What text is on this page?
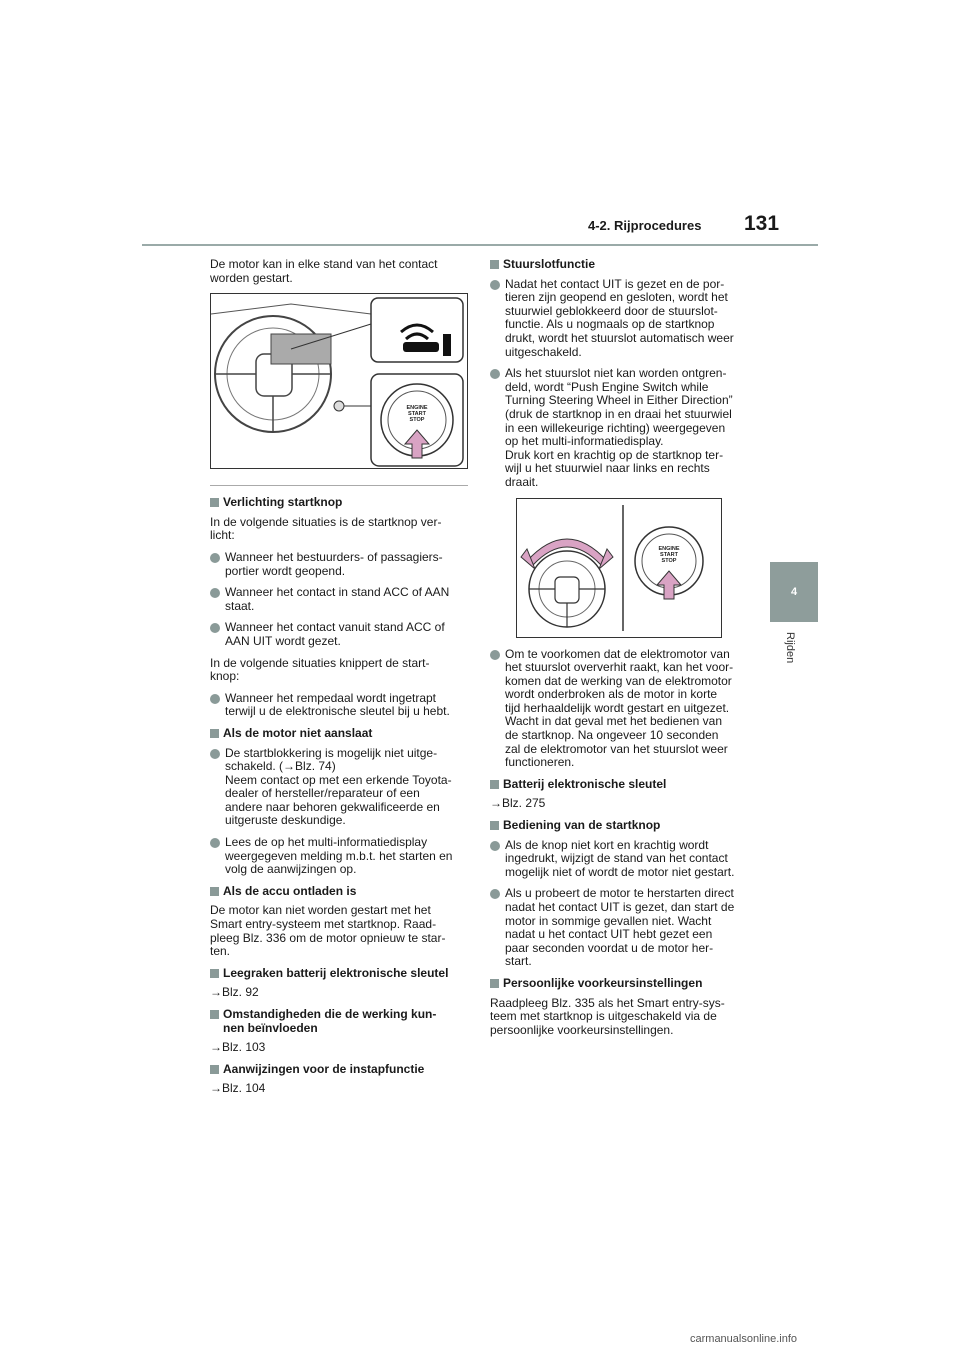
4-2. Rijprocedures 131
4
Rijden

De motor kan in elke stand van het contact
worden gestart.

ENGINE
START
STOP
Verlichting startknop

In de volgende situaties is de startknop ver-
licht:

Wanneer het bestuurders- of passagiers-
portier wordt geopend.
Wanneer het contact in stand ACC of AAN
staat.
Wanneer het contact vanuit stand ACC of
AAN UIT wordt gezet.

In de volgende situaties knippert de start-
knop:

Wanneer het rempedaal wordt ingetrapt
terwijl u de elektronische sleutel bij u hebt.
Als de motor niet aanslaat
De startblokkering is mogelijk niet uitge-
schakeld. (→Blz. 74)
Neem contact op met een erkende Toyota-
dealer of hersteller/reparateur of een
andere naar behoren gekwalificeerde en
uitgeruste deskundige.
Lees de op het multi-informatiedisplay
weergegeven melding m.b.t. het starten en
volg de aanwijzingen op.
Als de accu ontladen is

De motor kan niet worden gestart met het
Smart entry-systeem met startknop. Raad-
pleeg Blz. 336 om de motor opnieuw te star-
ten.

Leegraken batterij elektronische sleutel

→Blz. 92

Omstandigheden die de werking kun-
nen beïnvloeden

→Blz. 103

Aanwijzingen voor de instapfunctie

→Blz. 104

Stuurslotfunctie
Nadat het contact UIT is gezet en de por-
tieren zijn geopend en gesloten, wordt het
stuurwiel geblokkeerd door de stuurslot-
functie. Als u nogmaals op de startknop
drukt, wordt het stuurslot automatisch weer
uitgeschakeld.
Als het stuurslot niet kan worden ontgren-
deld, wordt “Push Engine Switch while
Turning Steering Wheel in Either Direction”
(druk de startknop in en draai het stuurwiel
in een willekeurige richting) weergegeven
op het multi-informatiedisplay.
Druk kort en krachtig op de startknop ter-
wijl u het stuurwiel naar links en rechts
draait.
ENGINE
START
STOP
Om te voorkomen dat de elektromotor van
het stuurslot oververhit raakt, kan het voor-
komen dat de werking van de elektromotor
wordt onderbroken als de motor in korte
tijd herhaaldelijk wordt gestart en uitgezet.
Wacht in dat geval met het bedienen van
de startknop. Na ongeveer 10 seconden
zal de elektromotor van het stuurslot weer
functioneren.
Batterij elektronische sleutel

→Blz. 275

Bediening van de startknop
Als de knop niet kort en krachtig wordt
ingedrukt, wijzigt de stand van het contact
mogelijk niet of wordt de motor niet gestart.
Als u probeert de motor te herstarten direct
nadat het contact UIT is gezet, dan start de
motor in sommige gevallen niet. Wacht
nadat u het contact UIT hebt gezet een
paar seconden voordat u de motor her-
start.
Persoonlijke voorkeursinstellingen

Raadpleeg Blz. 335 als het Smart entry-sys-
teem met startknop is uitgeschakeld via de
persoonlijke voorkeursinstellingen.

carmanualsonline.info
